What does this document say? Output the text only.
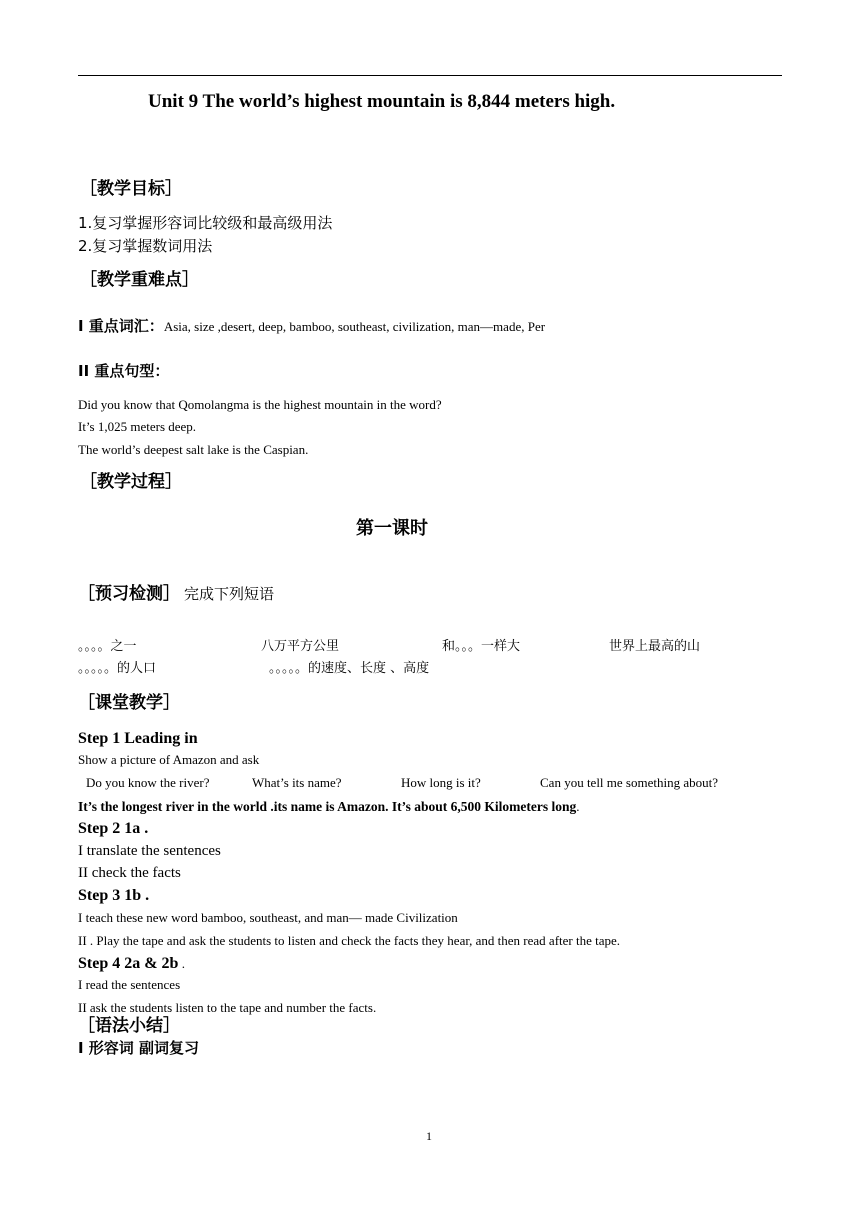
Unit 9 The world’s highest mountain is 8,844 meters high.
［教学目标］
1.复习掌握形容词比较级和最高级用法
2.复习掌握数词用法
［教学重难点］
Ⅰ 重点词汇：Asia, size ,desert, deep, bamboo, southeast, civilization, man—made, Per
ⅠⅠ 重点句型：
Did you know that Qomolangma is the highest mountain in the word?
It’s 1,025 meters deep.
The world’s deepest salt lake is the Caspian.
［教学过程］
第一课时
［预习检测］ 完成下列短语
。。。。之一	八万平方公里	和。。。一样大	世界上最高的山
。。。。。的人口	。。。。。的速度、长度 、高度
［课堂教学］
Step 1 Leading in
Show a picture of Amazon and ask
Do you know the river?	What’s its name?	How long is it?	Can you tell me something about?
It’s the longest river in the world .its name is Amazon. It’s about 6,500 Kilometers long.
Step 2 1a .
I translate the sentences
II check the facts
Step 3 1b .
I teach these new word bamboo, southeast, and man— made Civilization
II . Play the tape and ask the students to listen and check the facts they hear, and then read after the tape.
Step 4 2a & 2b .
I read the sentences
II ask the students listen to the tape and number the facts.
［语法小结］
I 形容词 副词复习
1
